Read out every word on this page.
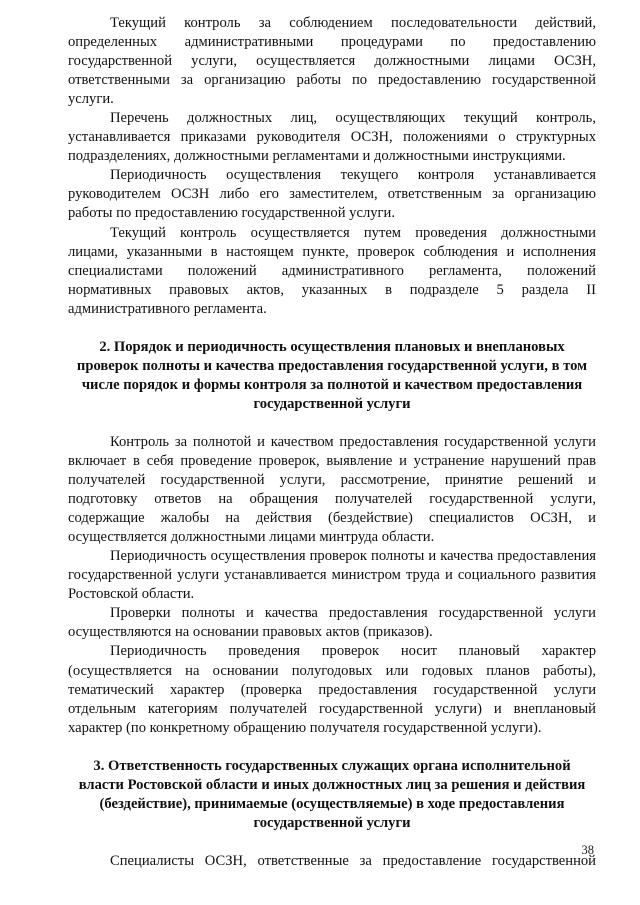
Текущий контроль за соблюдением последовательности действий, определенных административными процедурами по предоставлению государственной услуги, осуществляется должностными лицами ОСЗН, ответственными за организацию работы по предоставлению государственной услуги.

Перечень должностных лиц, осуществляющих текущий контроль, устанавливается приказами руководителя ОСЗН, положениями о структурных подразделениях, должностными регламентами и должностными инструкциями.

Периодичность осуществления текущего контроля устанавливается руководителем ОСЗН либо его заместителем, ответственным за организацию работы по предоставлению государственной услуги.

Текущий контроль осуществляется путем проведения должностными лицами, указанными в настоящем пункте, проверок соблюдения и исполнения специалистами положений административного регламента, положений нормативных правовых актов, указанных в подразделе 5 раздела II административного регламента.

2. Порядок и периодичность осуществления плановых и внеплановых проверок полноты и качества предоставления государственной услуги, в том числе порядок и формы контроля за полнотой и качеством предоставления государственной услуги

Контроль за полнотой и качеством предоставления государственной услуги включает в себя проведение проверок, выявление и устранение нарушений прав получателей государственной услуги, рассмотрение, принятие решений и подготовку ответов на обращения получателей государственной услуги, содержащие жалобы на действия (бездействие) специалистов ОСЗН, и осуществляется должностными лицами минтруда области.

Периодичность осуществления проверок полноты и качества предоставления государственной услуги устанавливается министром труда и социального развития Ростовской области.

Проверки полноты и качества предоставления государственной услуги осуществляются на основании правовых актов (приказов).

Периодичность проведения проверок носит плановый характер (осуществляется на основании полугодовых или годовых планов работы), тематический характер (проверка предоставления государственной услуги отдельным категориям получателей государственной услуги) и внеплановый характер (по конкретному обращению получателя государственной услуги).

3. Ответственность государственных служащих органа исполнительной власти Ростовской области и иных должностных лиц за решения и действия (бездействие), принимаемые (осуществляемые) в ходе предоставления государственной услуги

Специалисты ОСЗН, ответственные за предоставление государственной

38
